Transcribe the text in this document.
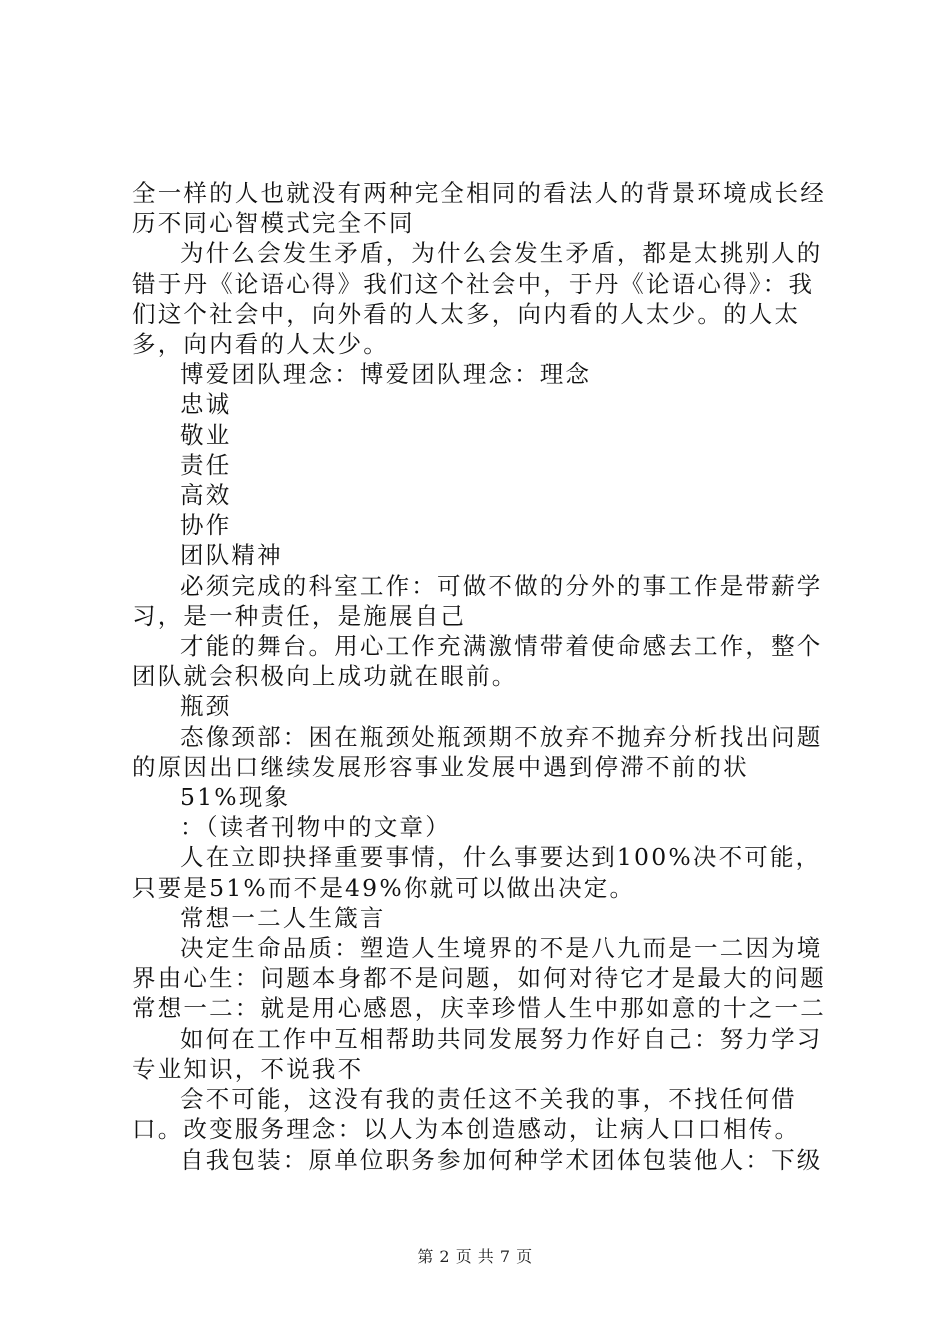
全一样的人也就没有两种完全相同的看法人的背景环境成长经历不同心智模式完全不同

为什么会发生矛盾，为什么会发生矛盾，都是太挑别人的错于丹《论语心得》我们这个社会中，于丹《论语心得》：我们这个社会中，向外看的人太多，向内看的人太少。的人太多，向内看的人太少。

博爱团队理念：博爱团队理念：理念

忠诚

敬业

责任

高效

协作

团队精神

必须完成的科室工作：可做不做的分外的事工作是带薪学习，是一种责任，是施展自己

才能的舞台。用心工作充满激情带着使命感去工作，整个团队就会积极向上成功就在眼前。

瓶颈

态像颈部：困在瓶颈处瓶颈期不放弃不抛弃分析找出问题的原因出口继续发展形容事业发展中遇到停滞不前的状

51%现象

：（读者刊物中的文章）

人在立即抉择重要事情，什么事要达到100%决不可能，只要是51%而不是49%你就可以做出决定。

常想一二人生箴言

决定生命品质：塑造人生境界的不是八九而是一二因为境界由心生：问题本身都不是问题，如何对待它才是最大的问题常想一二：就是用心感恩，庆幸珍惜人生中那如意的十之一二

如何在工作中互相帮助共同发展努力作好自己：努力学习专业知识，不说我不

会不可能，这没有我的责任这不关我的事，不找任何借口。改变服务理念：以人为本创造感动，让病人口口相传。

自我包装：原单位职务参加何种学术团体包装他人：下级

第 2 页 共 7 页
